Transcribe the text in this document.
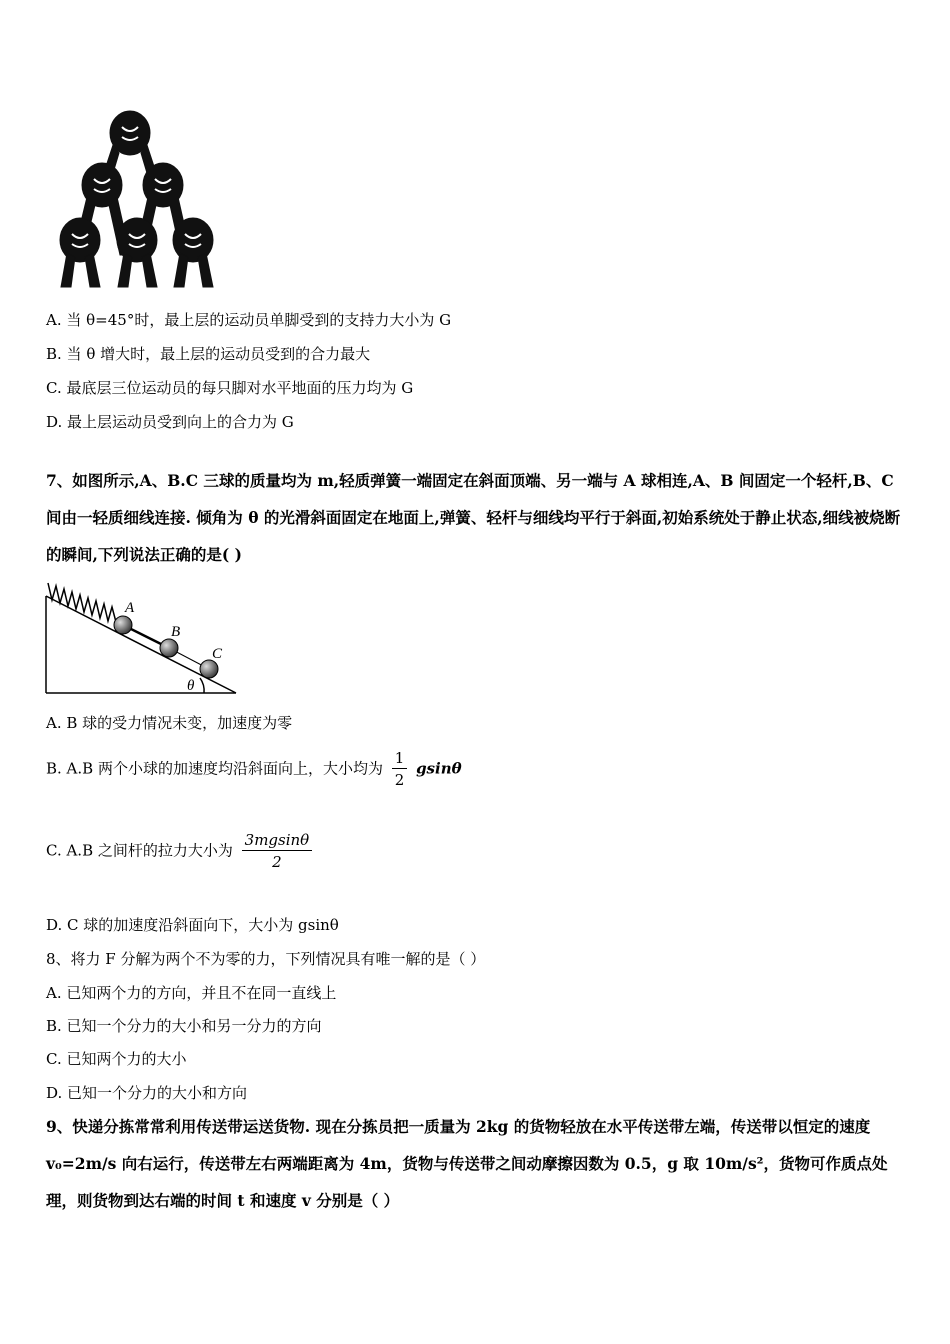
A. 当 θ=45°时，最上层的运动员单脚受到的支持力大小为 G
B. 当 θ 增大时，最上层的运动员受到的合力最大
C. 最底层三位运动员的每只脚对水平地面的压力均为 G
D. 最上层运动员受到向上的合力为 G
7、如图所示,A、B.C 三球的质量均为 m,轻质弹簧一端固定在斜面顶端、另一端与 A 球相连,A、B 间固定一个轻杆,B、C 间由一轻质细线连接. 倾角为 θ 的光滑斜面固定在地面上,弹簧、轻杆与细线均平行于斜面,初始系统处于静止状态,细线被烧断的瞬间,下列说法正确的是( )
A
B
C
θ
A. B 球的受力情况未变，加速度为零
B. A.B 两个小球的加速度均沿斜面向上，大小均为 $\frac{1}{2}$ gsinθ
C. A.B 之间杆的拉力大小为 $\frac{3mgsin\theta}{2}$
D. C 球的加速度沿斜面向下，大小为 gsinθ
8、将力 F 分解为两个不为零的力，下列情况具有唯一解的是（ ）
A. 已知两个力的方向，并且不在同一直线上
B. 已知一个分力的大小和另一分力的方向
C. 已知两个力的大小
D. 已知一个分力的大小和方向
9、快递分拣常常利用传送带运送货物. 现在分拣员把一质量为 2kg 的货物轻放在水平传送带左端，传送带以恒定的速度 v₀=2m/s 向右运行，传送带左右两端距离为 4m，货物与传送带之间动摩擦因数为 0.5，g 取 10m/s²，货物可作质点处理，则货物到达右端的时间 t 和速度 v 分别是（ ）
